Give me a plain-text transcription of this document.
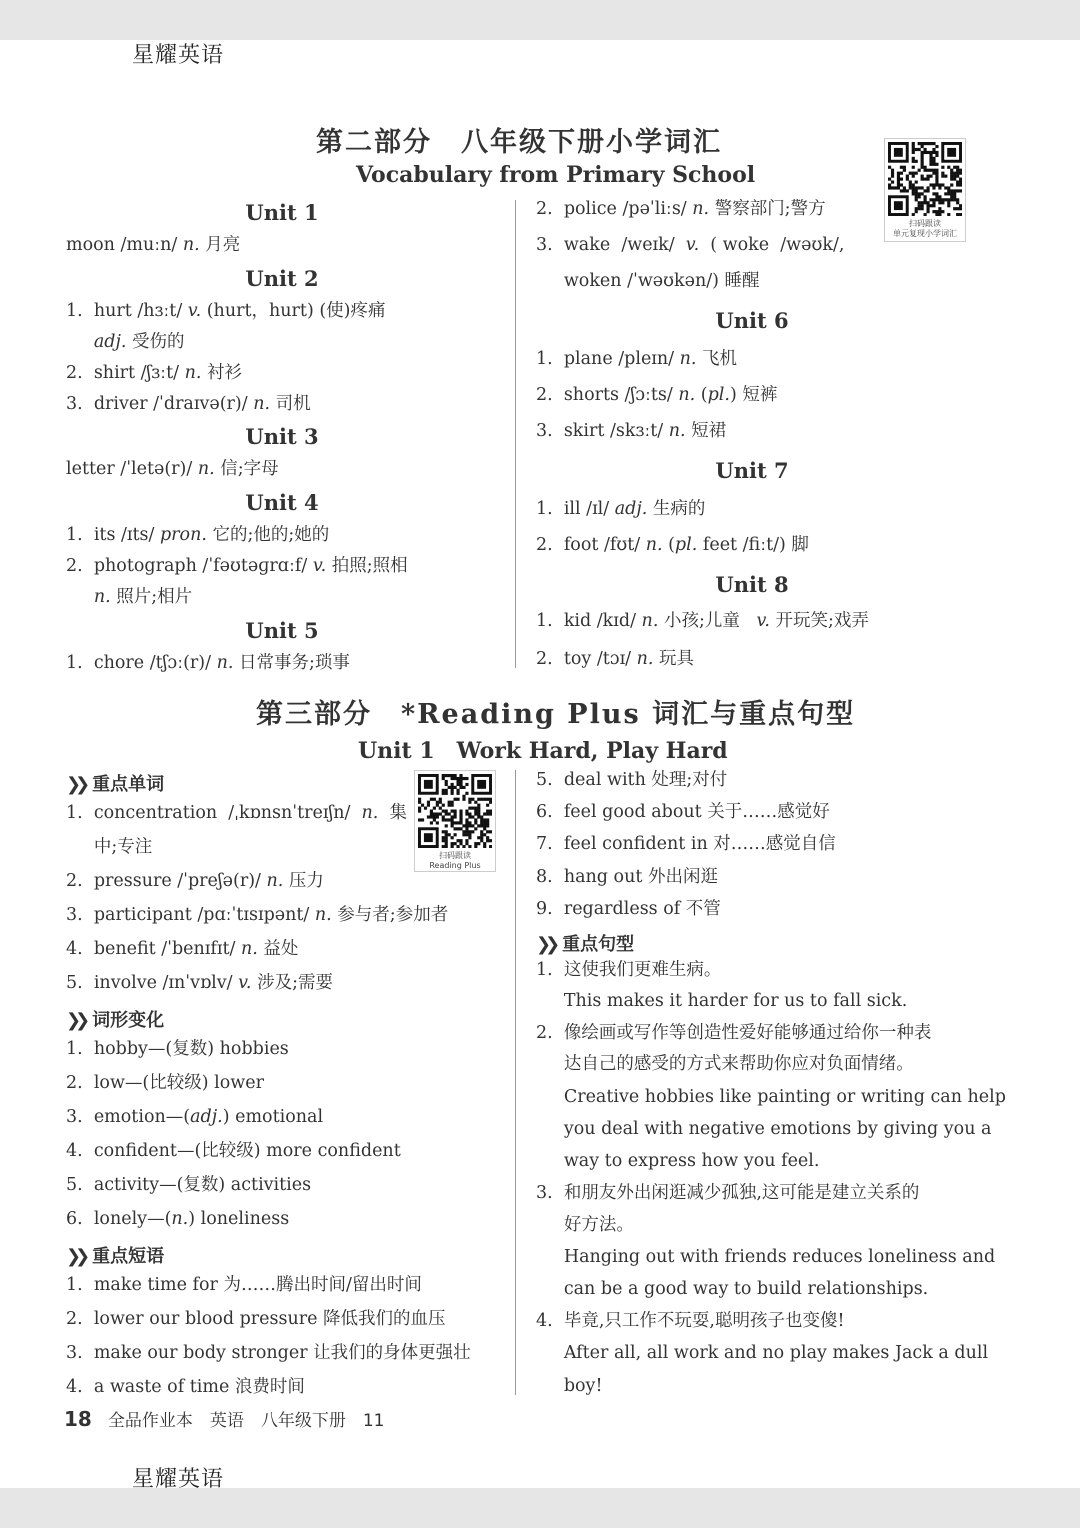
星耀英语
第二部分　八年级下册小学词汇
Vocabulary from Primary School
扫码跟读
单元复现小学词汇
Unit 1
moon /muːn/ n. 月亮
Unit 2
1.  hurt /hɜːt/ v. (hurt，hurt) (使)疼痛
adj. 受伤的
2.  shirt /ʃɜːt/ n. 衬衫
3.  driver /ˈdraɪvə(r)/ n. 司机
Unit 3
letter /ˈletə(r)/ n. 信;字母
Unit 4
1.  its /ɪts/ pron. 它的;他的;她的
2.  photograph /ˈfəʊtəɡrɑːf/ v. 拍照;照相
n. 照片;相片
Unit 5
1.  chore /tʃɔː(r)/ n. 日常事务;琐事
2.  police /pəˈliːs/ n. 警察部门;警方
3.  wake  /weɪk/  v.  ( woke  /wəʊk/,
woken /ˈwəʊkən/) 睡醒
Unit 6
1.  plane /pleɪn/ n. 飞机
2.  shorts /ʃɔːts/ n. (pl.) 短裤
3.  skirt /skɜːt/ n. 短裙
Unit 7
1.  ill /ɪl/ adj. 生病的
2.  foot /fʊt/ n. (pl. feet /fiːt/) 脚
Unit 8
1.  kid /kɪd/ n. 小孩;儿童   v. 开玩笑;戏弄
2.  toy /tɔɪ/ n. 玩具
第三部分　*Reading Plus 词汇与重点句型
Unit 1　Work Hard, Play Hard
扫码跟读
Reading Plus
❯❯ 重点单词
1.  concentration  /ˌkɒnsnˈtreɪʃn/  n.  集
中;专注
2.  pressure /ˈpreʃə(r)/ n. 压力
3.  participant /pɑːˈtɪsɪpənt/ n. 参与者;参加者
4.  benefit /ˈbenɪfɪt/ n. 益处
5.  involve /ɪnˈvɒlv/ v. 涉及;需要
❯❯ 词形变化
1.  hobby—(复数) hobbies
2.  low—(比较级) lower
3.  emotion—(adj.) emotional
4.  confident—(比较级) more confident
5.  activity—(复数) activities
6.  lonely—(n.) loneliness
❯❯ 重点短语
1.  make time for 为……腾出时间/留出时间
2.  lower our blood pressure 降低我们的血压
3.  make our body stronger 让我们的身体更强壮
4.  a waste of time 浪费时间
5.  deal with 处理;对付
6.  feel good about 关于……感觉好
7.  feel confident in 对……感觉自信
8.  hang out 外出闲逛
9.  regardless of 不管
❯❯ 重点句型
1.  这使我们更难生病。
This makes it harder for us to fall sick.
2.  像绘画或写作等创造性爱好能够通过给你一种表
达自己的感受的方式来帮助你应对负面情绪。
Creative hobbies like painting or writing can help
you deal with negative emotions by giving you a
way to express how you feel.
3.  和朋友外出闲逛减少孤独,这可能是建立关系的
好方法。
Hanging out with friends reduces loneliness and
can be a good way to build relationships.
4.  毕竟,只工作不玩耍,聪明孩子也变傻!
After all, all work and no play makes Jack a dull
boy!
18 全品作业本　英语　八年级下册　11
星耀英语
